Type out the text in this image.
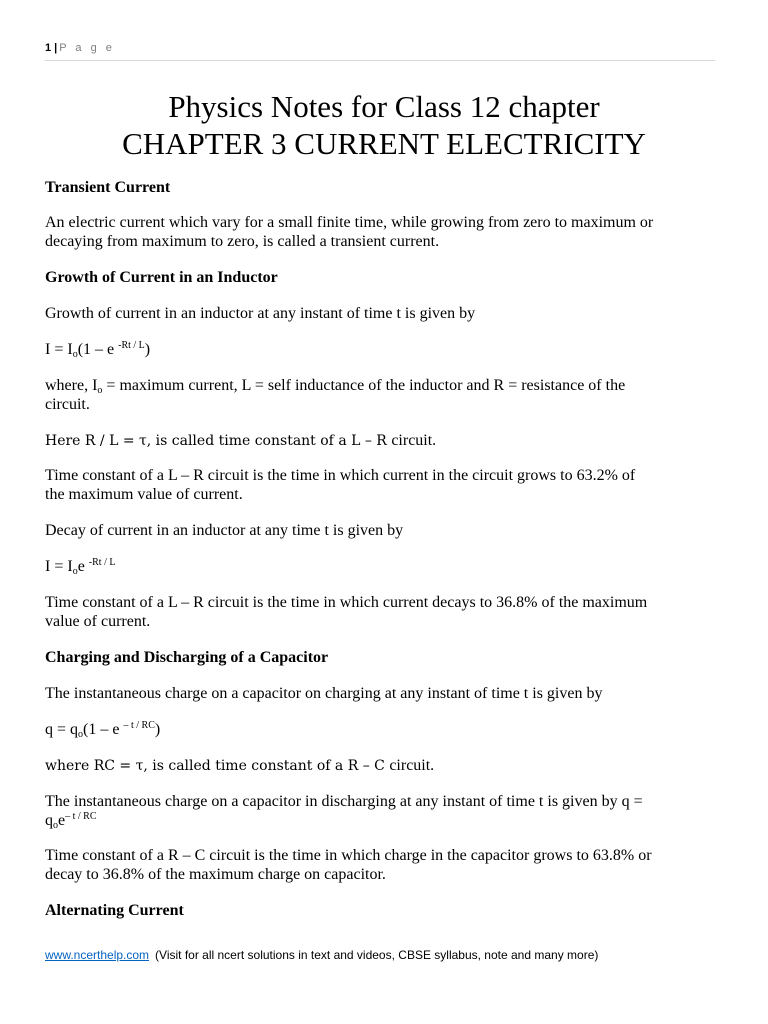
1 | P a g e
Physics Notes for Class 12 chapter
CHAPTER 3 CURRENT ELECTRICITY
Transient Current
An electric current which vary for a small finite time, while growing from zero to maximum or
decaying from maximum to zero, is called a transient current.
Growth of Current in an Inductor
Growth of current in an inductor at any instant of time t is given by
$I = I_o(1 - e$ $^{-Rt / L}$)
where, $I_o$ = maximum current, L = self inductance of the inductor and R = resistance of the
circuit.
Here R / L = τ, is called time constant of a L – R circuit.
Time constant of a L – R circuit is the time in which current in the circuit grows to 63.2% of
the maximum value of current.
Decay of current in an inductor at any time t is given by
$I = I_oe$ $^{-Rt / L}$
Time constant of a L – R circuit is the time in which current decays to 36.8% of the maximum
value of current.
Charging and Discharging of a Capacitor
The instantaneous charge on a capacitor on charging at any instant of time t is given by
$q = q_o(1 - e$ $^{- t / RC}$)
where RC = τ, is called time constant of a R – C circuit.
The instantaneous charge on a capacitor in discharging at any instant of time t is given by q =
$q_oe^{- t / RC}$
Time constant of a R – C circuit is the time in which charge in the capacitor grows to 63.8% or
decay to 36.8% of the maximum charge on capacitor.
Alternating Current
www.ncerthelp.com (Visit for all ncert solutions in text and videos, CBSE syllabus, note and many more)
